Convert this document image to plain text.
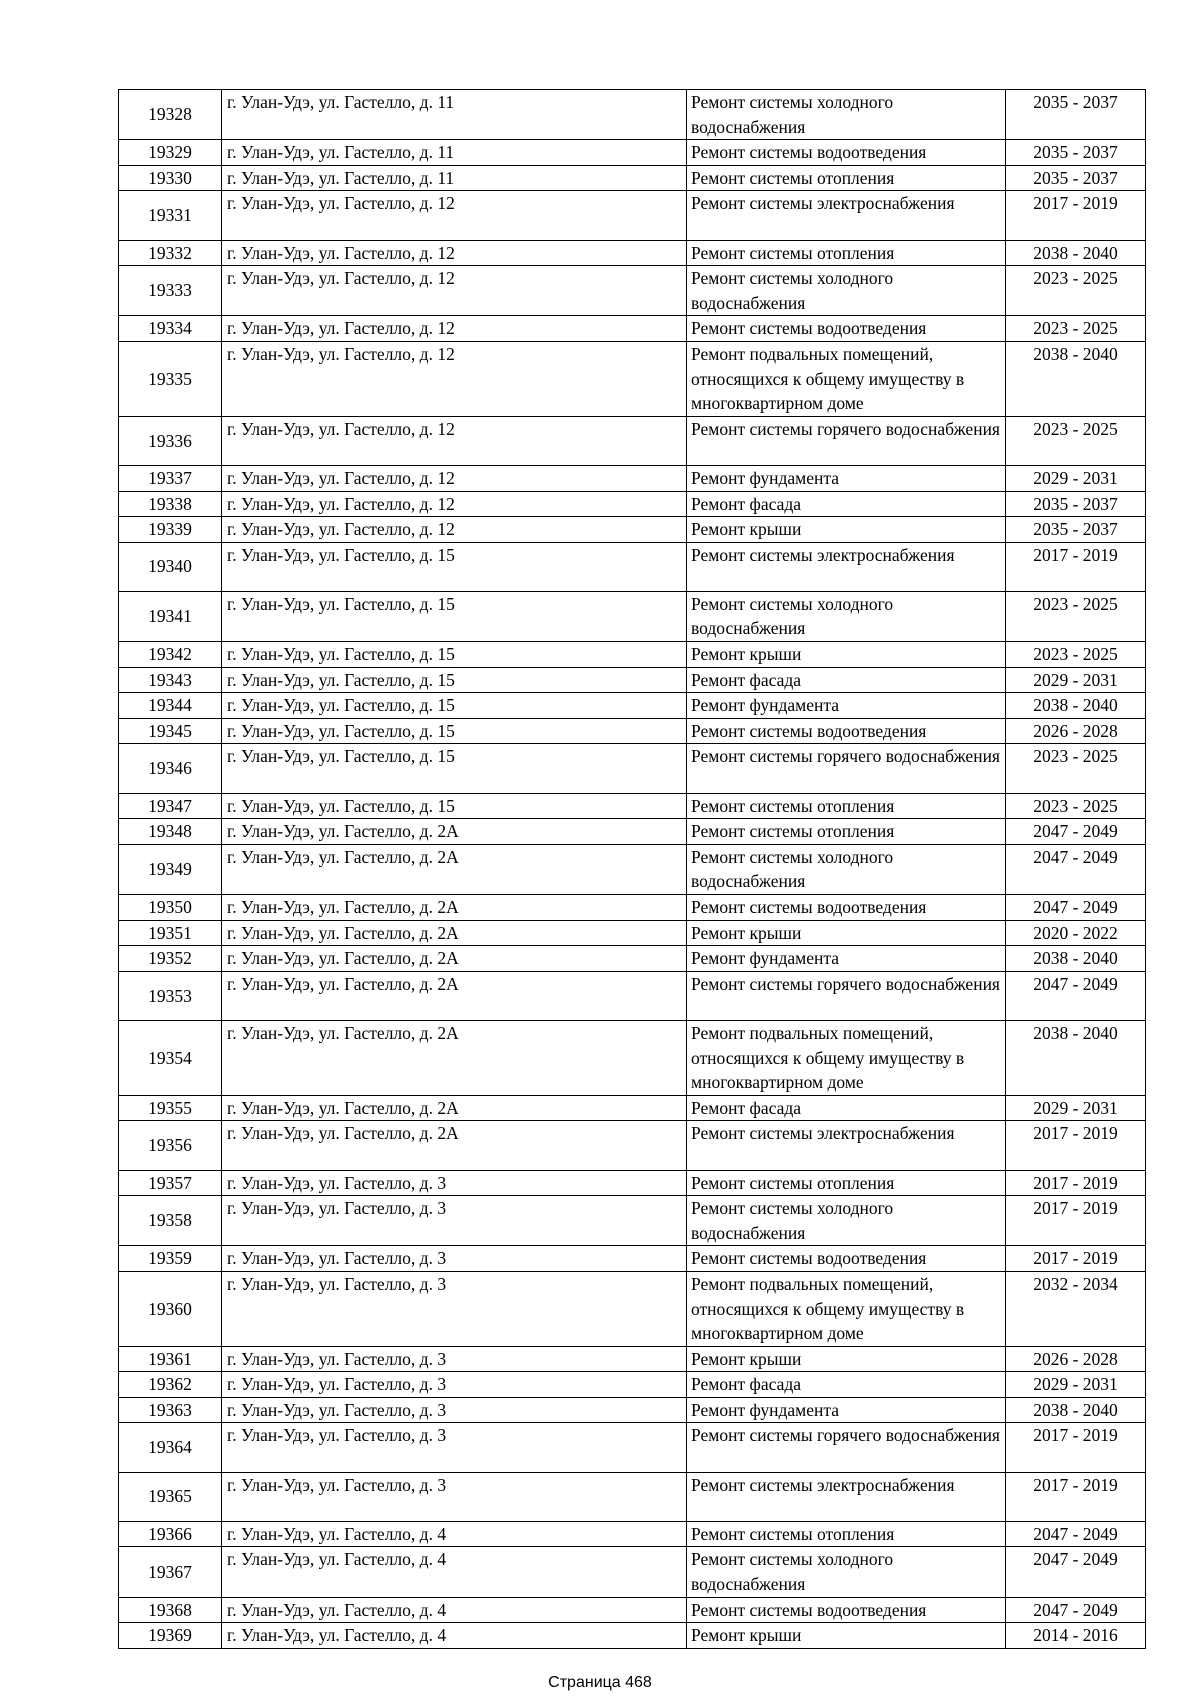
19328	г. Улан-Удэ, ул. Гастелло, д. 11	Ремонт системы холодного водоснабжения	2035 - 2037
19329	г. Улан-Удэ, ул. Гастелло, д. 11	Ремонт системы водоотведения	2035 - 2037
19330	г. Улан-Удэ, ул. Гастелло, д. 11	Ремонт системы отопления	2035 - 2037
19331	г. Улан-Удэ, ул. Гастелло, д. 12	Ремонт системы электроснабжения	2017 - 2019
19332	г. Улан-Удэ, ул. Гастелло, д. 12	Ремонт системы отопления	2038 - 2040
19333	г. Улан-Удэ, ул. Гастелло, д. 12	Ремонт системы холодного водоснабжения	2023 - 2025
19334	г. Улан-Удэ, ул. Гастелло, д. 12	Ремонт системы водоотведения	2023 - 2025
19335	г. Улан-Удэ, ул. Гастелло, д. 12	Ремонт подвальных помещений, относящихся к общему имуществу в многоквартирном доме	2038 - 2040
19336	г. Улан-Удэ, ул. Гастелло, д. 12	Ремонт системы горячего водоснабжения	2023 - 2025
19337	г. Улан-Удэ, ул. Гастелло, д. 12	Ремонт фундамента	2029 - 2031
19338	г. Улан-Удэ, ул. Гастелло, д. 12	Ремонт фасада	2035 - 2037
19339	г. Улан-Удэ, ул. Гастелло, д. 12	Ремонт крыши	2035 - 2037
19340	г. Улан-Удэ, ул. Гастелло, д. 15	Ремонт системы электроснабжения	2017 - 2019
19341	г. Улан-Удэ, ул. Гастелло, д. 15	Ремонт системы холодного водоснабжения	2023 - 2025
19342	г. Улан-Удэ, ул. Гастелло, д. 15	Ремонт крыши	2023 - 2025
19343	г. Улан-Удэ, ул. Гастелло, д. 15	Ремонт фасада	2029 - 2031
19344	г. Улан-Удэ, ул. Гастелло, д. 15	Ремонт фундамента	2038 - 2040
19345	г. Улан-Удэ, ул. Гастелло, д. 15	Ремонт системы водоотведения	2026 - 2028
19346	г. Улан-Удэ, ул. Гастелло, д. 15	Ремонт системы горячего водоснабжения	2023 - 2025
19347	г. Улан-Удэ, ул. Гастелло, д. 15	Ремонт системы отопления	2023 - 2025
19348	г. Улан-Удэ, ул. Гастелло, д. 2А	Ремонт системы отопления	2047 - 2049
19349	г. Улан-Удэ, ул. Гастелло, д. 2А	Ремонт системы холодного водоснабжения	2047 - 2049
19350	г. Улан-Удэ, ул. Гастелло, д. 2А	Ремонт системы водоотведения	2047 - 2049
19351	г. Улан-Удэ, ул. Гастелло, д. 2А	Ремонт крыши	2020 - 2022
19352	г. Улан-Удэ, ул. Гастелло, д. 2А	Ремонт фундамента	2038 - 2040
19353	г. Улан-Удэ, ул. Гастелло, д. 2А	Ремонт системы горячего водоснабжения	2047 - 2049
19354	г. Улан-Удэ, ул. Гастелло, д. 2А	Ремонт подвальных помещений, относящихся к общему имуществу в многоквартирном доме	2038 - 2040
19355	г. Улан-Удэ, ул. Гастелло, д. 2А	Ремонт фасада	2029 - 2031
19356	г. Улан-Удэ, ул. Гастелло, д. 2А	Ремонт системы электроснабжения	2017 - 2019
19357	г. Улан-Удэ, ул. Гастелло, д. 3	Ремонт системы отопления	2017 - 2019
19358	г. Улан-Удэ, ул. Гастелло, д. 3	Ремонт системы холодного водоснабжения	2017 - 2019
19359	г. Улан-Удэ, ул. Гастелло, д. 3	Ремонт системы водоотведения	2017 - 2019
19360	г. Улан-Удэ, ул. Гастелло, д. 3	Ремонт подвальных помещений, относящихся к общему имуществу в многоквартирном доме	2032 - 2034
19361	г. Улан-Удэ, ул. Гастелло, д. 3	Ремонт крыши	2026 - 2028
19362	г. Улан-Удэ, ул. Гастелло, д. 3	Ремонт фасада	2029 - 2031
19363	г. Улан-Удэ, ул. Гастелло, д. 3	Ремонт фундамента	2038 - 2040
19364	г. Улан-Удэ, ул. Гастелло, д. 3	Ремонт системы горячего водоснабжения	2017 - 2019
19365	г. Улан-Удэ, ул. Гастелло, д. 3	Ремонт системы электроснабжения	2017 - 2019
19366	г. Улан-Удэ, ул. Гастелло, д. 4	Ремонт системы отопления	2047 - 2049
19367	г. Улан-Удэ, ул. Гастелло, д. 4	Ремонт системы холодного водоснабжения	2047 - 2049
19368	г. Улан-Удэ, ул. Гастелло, д. 4	Ремонт системы водоотведения	2047 - 2049
19369	г. Улан-Удэ, ул. Гастелло, д. 4	Ремонт крыши	2014 - 2016
Страница 468
